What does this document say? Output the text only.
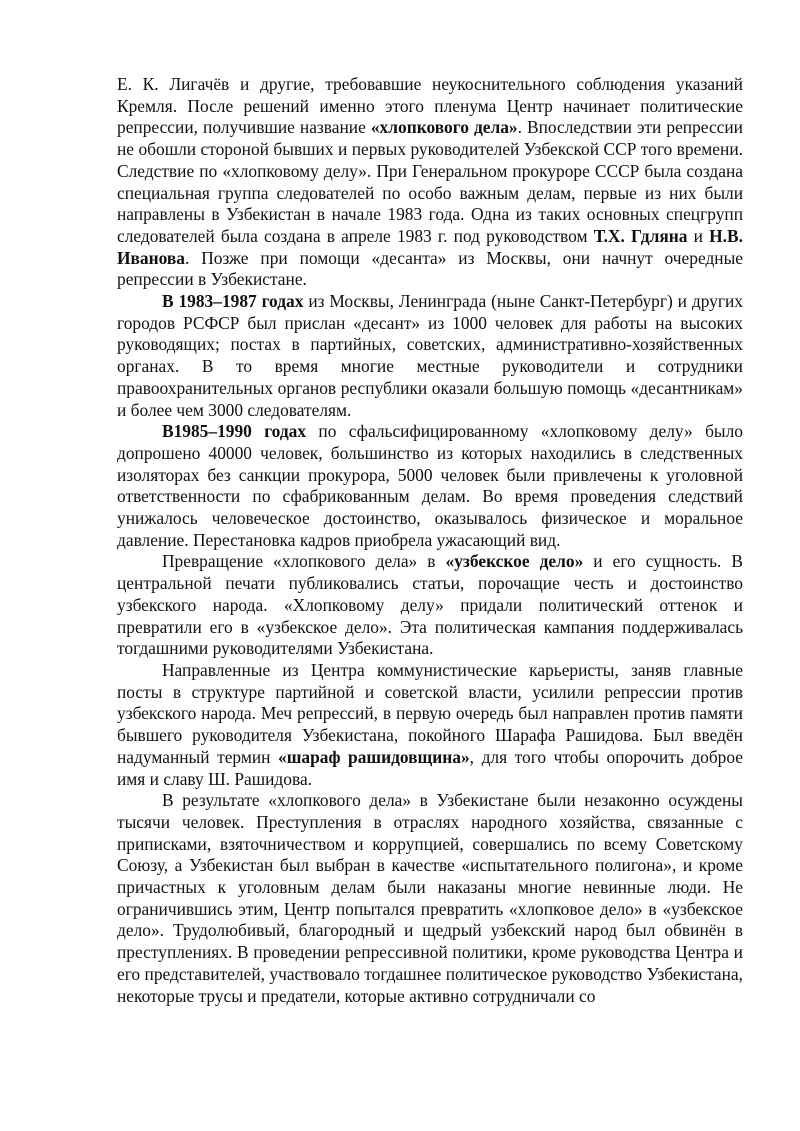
Е. К. Лигачёв и другие, требовавшие неукоснительного соблюдения указаний Кремля. После решений именно этого пленума Центр начинает политические репрессии, получившие название «хлопкового дела». Впоследствии эти репрессии не обошли стороной бывших и первых руководителей Узбекской ССР того времени. Следствие по «хлопковому делу». При Генеральном прокуроре СССР была создана специальная группа следователей по особо важным делам, первые из них были направлены в Узбекистан в начале 1983 года. Одна из таких основных спецгрупп следователей была создана в апреле 1983 г. под руководством Т.Х. Гдляна и Н.В. Иванова. Позже при помощи «десанта» из Москвы, они начнут очередные репрессии в Узбекистане.

В 1983–1987 годах из Москвы, Ленинграда (ныне Санкт-Петербург) и других городов РСФСР был прислан «десант» из 1000 человек для работы на высоких руководящих; постах в партийных, советских, административно-хозяйственных органах. В то время многие местные руководители и сотрудники правоохранительных органов республики оказали большую помощь «десантникам» и более чем 3000 следователям.

В1985–1990 годах по сфальсифицированному «хлопковому делу» было допрошено 40000 человек, большинство из которых находились в следственных изоляторах без санкции прокурора, 5000 человек были привлечены к уголовной ответственности по сфабрикованным делам. Во время проведения следствий унижалось человеческое достоинство, оказывалось физическое и моральное давление. Перестановка кадров приобрела ужасающий вид.

Превращение «хлопкового дела» в «узбекское дело» и его сущность. В центральной печати публиковались статьи, порочащие честь и достоинство узбекского народа. «Хлопковому делу» придали политический оттенок и превратили его в «узбекское дело». Эта политическая кампания поддерживалась тогдашними руководителями Узбекистана.

Направленные из Центра коммунистические карьеристы, заняв главные посты в структуре партийной и советской власти, усилили репрессии против узбекского народа. Меч репрессий, в первую очередь был направлен против памяти бывшего руководителя Узбекистана, покойного Шарафа Рашидова. Был введён надуманный термин «шараф рашидовщина», для того чтобы опорочить доброе имя и славу Ш. Рашидова.

В результате «хлопкового дела» в Узбекистане были незаконно осуждены тысячи человек. Преступления в отраслях народного хозяйства, связанные с приписками, взяточничеством и коррупцией, совершались по всему Советскому Союзу, а Узбекистан был выбран в качестве «испытательного полигона», и кроме причастных к уголовным делам были наказаны многие невинные люди. Не ограничившись этим, Центр попытался превратить «хлопковое дело» в «узбекское дело». Трудолюбивый, благородный и щедрый узбекский народ был обвинён в преступлениях. В проведении репрессивной политики, кроме руководства Центра и его представителей, участвовало тогдашнее политическое руководство Узбекистана, некоторые трусы и предатели, которые активно сотрудничали со
